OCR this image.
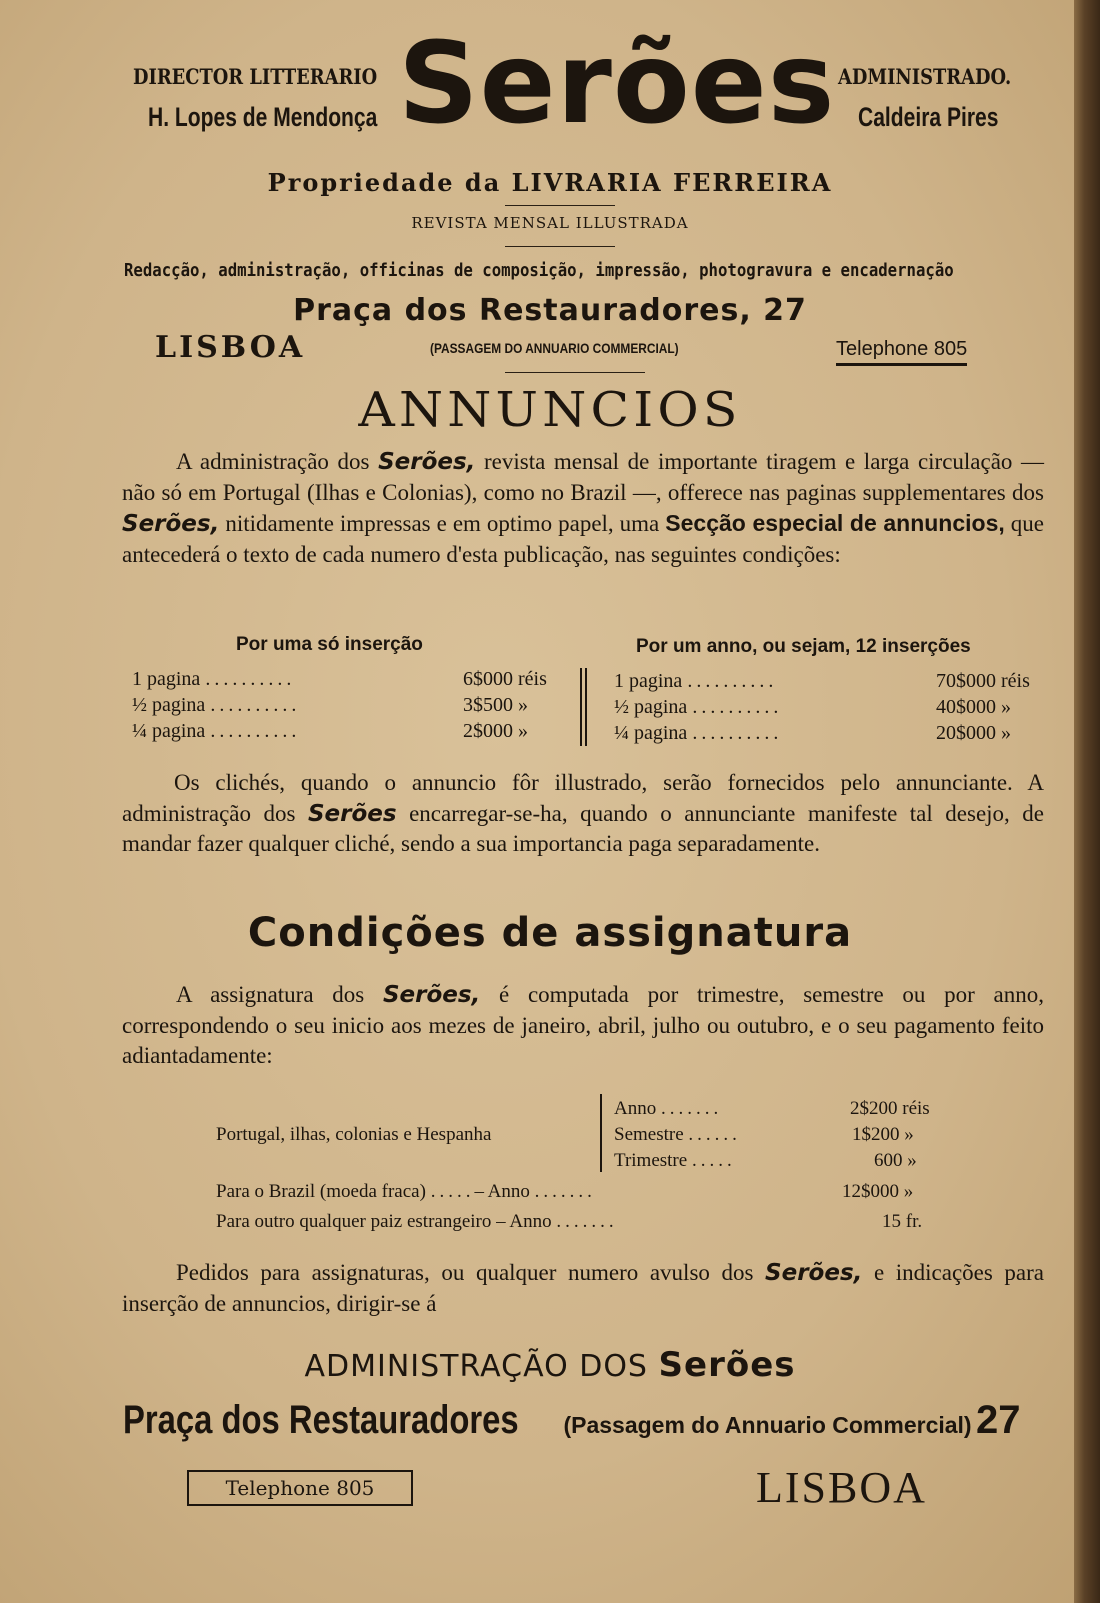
DIRECTOR LITTERARIO
H. Lopes de Mendonça Serões ADMINISTRADO.
Caldeira Pires
Propriedade da LIVRARIA FERREIRA
REVISTA MENSAL ILLUSTRADA
Redacção, administração, officinas de composição, impressão, photogravura e encadernação
Praça dos Restauradores, 27
LISBOA	(PASSAGEM DO ANNUARIO COMMERCIAL)	Telephone 805
ANNUNCIOS
A administração dos Serões, revista mensal de importante tiragem e larga circulação — não só em Portugal (Ilhas e Colonias), como no Brazil —, offerece nas paginas supplementares dos Serões, nitidamente impressas e em optimo papel, uma Secção especial de annuncios, que antecederá o texto de cada numero d'esta publicação, nas seguintes condições:
Por uma só inserção	Por um anno, ou sejam, 12 inserções
1 pagina ..........	6$000 réis
½ pagina ..........	3$500 »
¼ pagina ..........	2$000 »
1 pagina ..........	70$000 réis
½ pagina ..........	40$000 »
¼ pagina ..........	20$000 »
Os clichés, quando o annuncio fôr illustrado, serão fornecidos pelo annunciante. A administração dos Serões encarregar-se-ha, quando o annunciante manifeste tal desejo, de mandar fazer qualquer cliché, sendo a sua importancia paga separadamente.
Condições de assignatura
A assignatura dos Serões, é computada por trimestre, semestre ou por anno, correspondendo o seu inicio aos mezes de janeiro, abril, julho ou outubro, e o seu pagamento feito adiantadamente:
Portugal, ilhas, colonias e Hespanha
Anno .......	2$200 réis
Semestre ......	1$200 »
Trimestre .....	600 »
Para o Brazil (moeda fraca) .....– Anno .......	12$000 »
Para outro qualquer paiz estrangeiro – Anno .......	15 fr.
Pedidos para assignaturas, ou qualquer numero avulso dos Serões, e indicações para inserção de annuncios, dirigir-se á
ADMINISTRAÇÃO DOS Serões
Praça dos Restauradores (Passagem do Annuario Commercial) 27
Telephone 805	LISBOA
